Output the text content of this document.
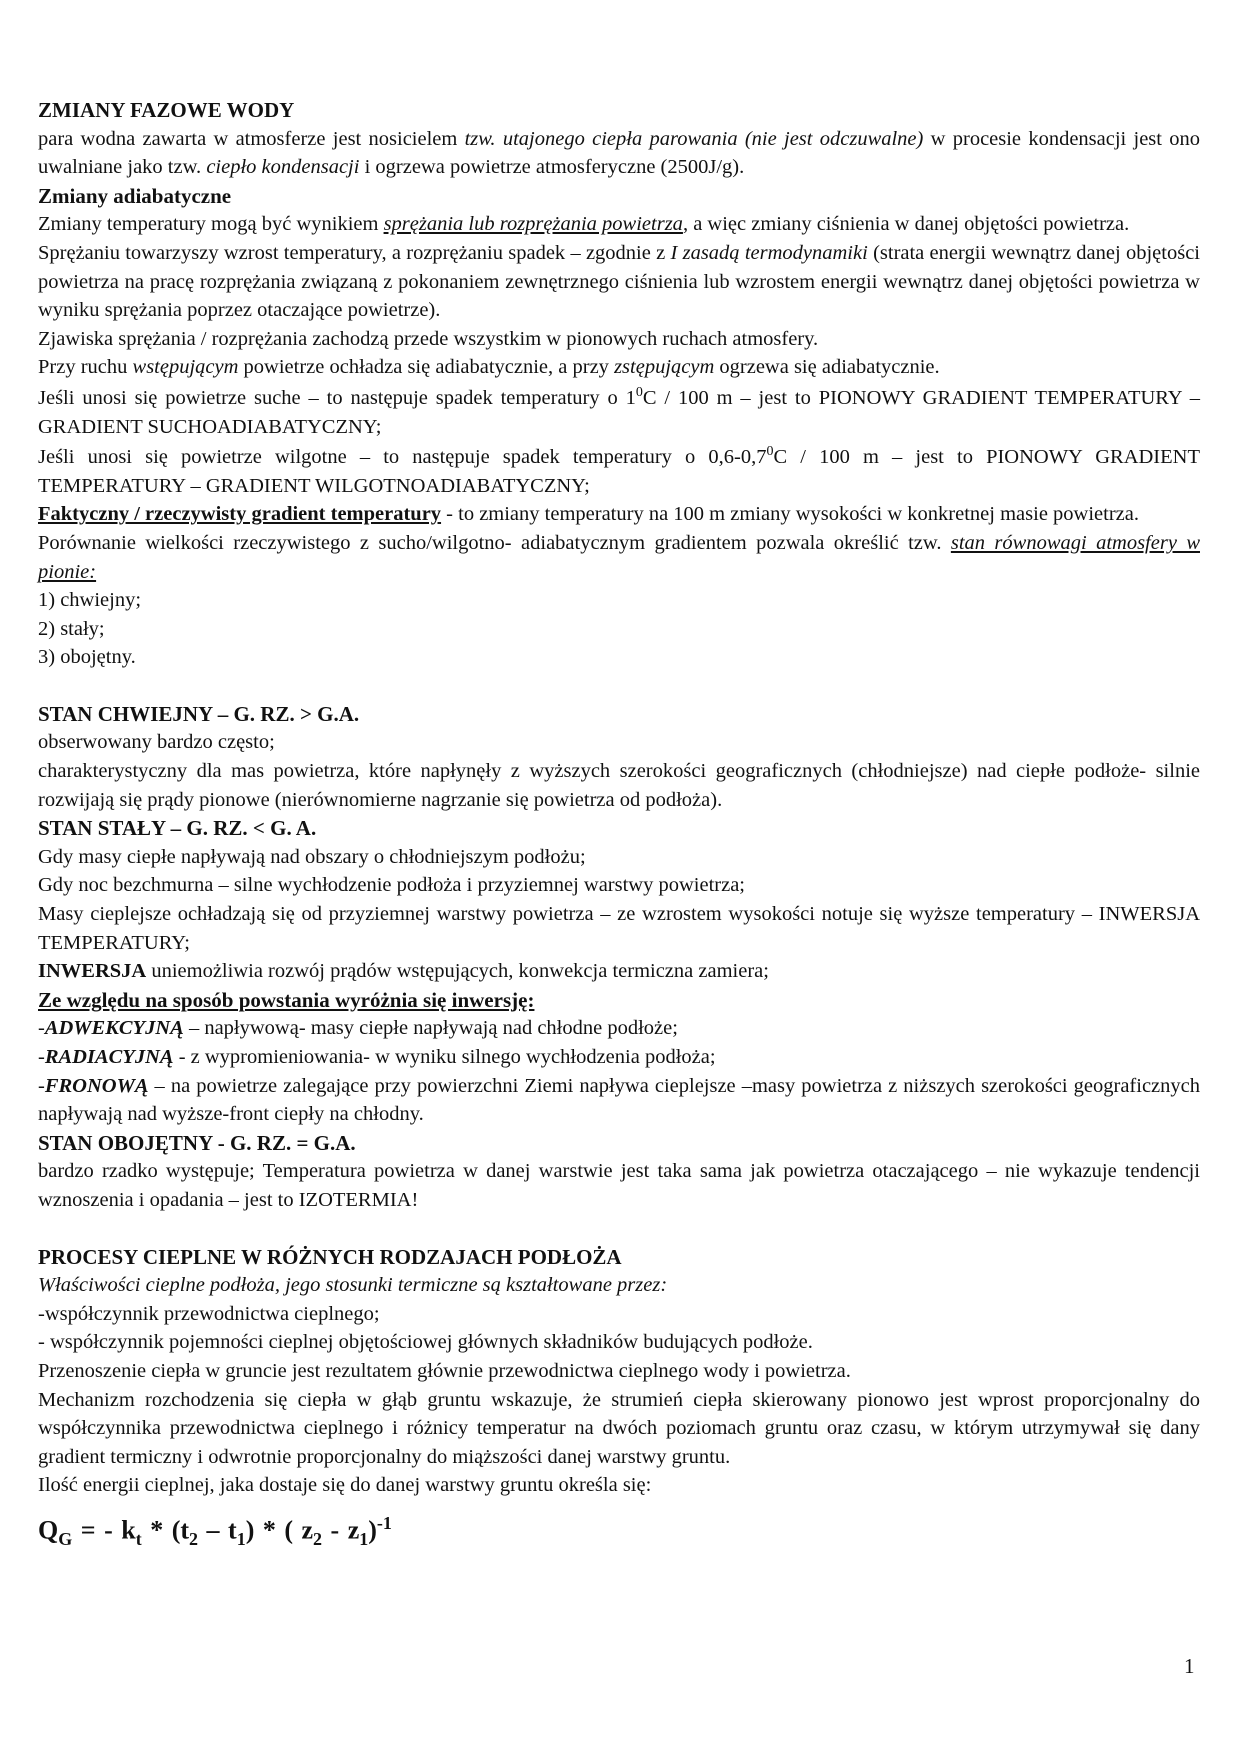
ZMIANY FAZOWE WODY

para wodna zawarta w atmosferze jest nosicielem tzw. utajonego ciepła parowania (nie jest odczuwalne) w procesie kondensacji jest ono uwalniane jako tzw. ciepło kondensacji i ogrzewa powietrze atmosferyczne (2500J/g).

Zmiany adiabatyczne

Zmiany temperatury mogą być wynikiem sprężania lub rozprężania powietrza, a więc zmiany ciśnienia w danej objętości powietrza.

Sprężaniu towarzyszy wzrost temperatury, a rozprężaniu spadek – zgodnie z I zasadą termodynamiki (strata energii wewnątrz danej objętości powietrza na pracę rozprężania związaną z pokonaniem zewnętrznego ciśnienia lub wzrostem energii wewnątrz danej objętości powietrza w wyniku sprężania poprzez otaczające powietrze).

Zjawiska sprężania / rozprężania zachodzą przede wszystkim w pionowych ruchach atmosfery.

Przy ruchu wstępującym powietrze ochładza się adiabatycznie, a przy zstępującym ogrzewa się adiabatycznie.

Jeśli unosi się powietrze suche – to następuje spadek temperatury o $1^0C / 100$ m – jest to PIONOWY GRADIENT TEMPERATURY – GRADIENT SUCHOADIABATYCZNY;

Jeśli unosi się powietrze wilgotne – to następuje spadek temperatury o $0,6-0,7^0C / 100$ m – jest to PIONOWY GRADIENT TEMPERATURY – GRADIENT WILGOTNOADIABATYCZNY;

Faktyczny / rzeczywisty gradient temperatury - to zmiany temperatury na 100 m zmiany wysokości w konkretnej masie powietrza.

Porównanie wielkości rzeczywistego z sucho/wilgotno- adiabatycznym gradientem pozwala określić tzw. stan równowagi atmosfery w pionie:

1) chwiejny;

2) stały;

3) obojętny.

STAN CHWIEJNY – G. RZ. > G.A.

obserwowany bardzo często;

charakterystyczny dla mas powietrza, które napłynęły z wyższych szerokości geograficznych (chłodniejsze) nad ciepłe podłoże- silnie rozwijają się prądy pionowe (nierównomierne nagrzanie się powietrza od podłoża).

STAN STAŁY – G. RZ. < G. A.

Gdy masy ciepłe napływają nad obszary o chłodniejszym podłożu;

Gdy noc bezchmurna – silne wychłodzenie podłoża i przyziemnej warstwy powietrza;

Masy cieplejsze ochładzają się od przyziemnej warstwy powietrza – ze wzrostem wysokości notuje się wyższe temperatury – INWERSJA TEMPERATURY;

INWERSJA uniemożliwia rozwój prądów wstępujących, konwekcja termiczna zamiera;

Ze względu na sposób powstania wyróżnia się inwersję:

-ADWEKCYJNĄ – napływową- masy ciepłe napływają nad chłodne podłoże;

-RADIACYJNĄ - z wypromieniowania- w wyniku silnego wychłodzenia podłoża;

-FRONOWĄ – na powietrze zalegające przy powierzchni Ziemi napływa cieplejsze –masy powietrza z niższych szerokości geograficznych napływają nad wyższe-front ciepły na chłodny.

STAN OBOJĘTNY - G. RZ. = G.A.

bardzo rzadko występuje; Temperatura powietrza w danej warstwie jest taka sama jak powietrza otaczającego – nie wykazuje tendencji wznoszenia i opadania – jest to IZOTERMIA!

PROCESY CIEPLNE W RÓŻNYCH RODZAJACH PODŁOŻA

Właściwości cieplne podłoża, jego stosunki termiczne są kształtowane przez:

-współczynnik przewodnictwa cieplnego;

- współczynnik pojemności cieplnej objętościowej głównych składników budujących podłoże.

Przenoszenie ciepła w gruncie jest rezultatem głównie przewodnictwa cieplnego wody i powietrza.

Mechanizm rozchodzenia się ciepła w głąb gruntu wskazuje, że strumień ciepła skierowany pionowo jest wprost proporcjonalny do współczynnika przewodnictwa cieplnego i różnicy temperatur na dwóch poziomach gruntu oraz czasu, w którym utrzymywał się dany gradient termiczny i odwrotnie proporcjonalny do miąższości danej warstwy gruntu.

Ilość energii cieplnej, jaka dostaje się do danej warstwy gruntu określa się:

$Q_G$ = - $k_t * (t_2 - t_1)$ * ( $z_2 - z_1)^{-1}$

1
